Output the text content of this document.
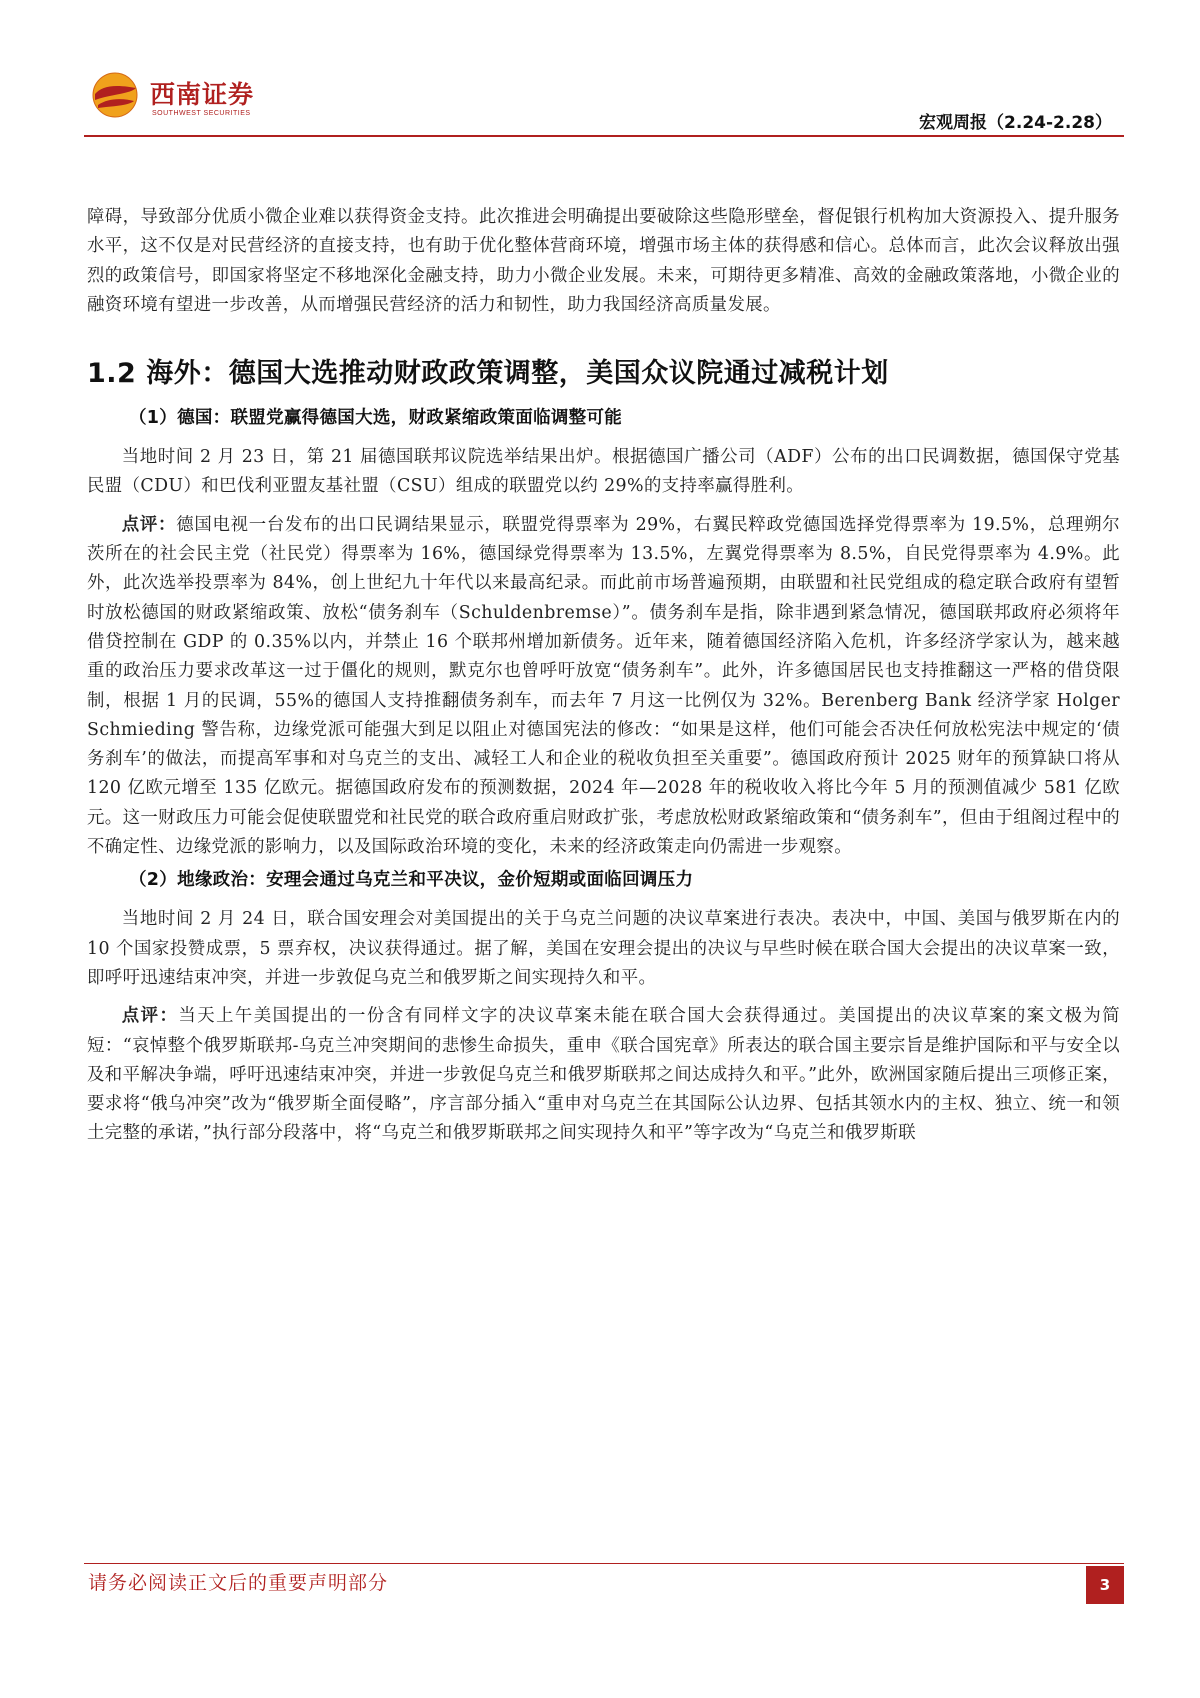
西南证券
SOUTHWEST SECURITIES	宏观周报（2.24-2.28）

障碍，导致部分优质小微企业难以获得资金支持。此次推进会明确提出要破除这些隐形壁垒，督促银行机构加大资源投入、提升服务水平，这不仅是对民营经济的直接支持，也有助于优化整体营商环境，增强市场主体的获得感和信心。总体而言，此次会议释放出强烈的政策信号，即国家将坚定不移地深化金融支持，助力小微企业发展。未来，可期待更多精准、高效的金融政策落地，小微企业的融资环境有望进一步改善，从而增强民营经济的活力和韧性，助力我国经济高质量发展。

1.2 海外：德国大选推动财政政策调整，美国众议院通过减税计划
（1）德国：联盟党赢得德国大选，财政紧缩政策面临调整可能

当地时间 2 月 23 日，第 21 届德国联邦议院选举结果出炉。根据德国广播公司（ADF）公布的出口民调数据，德国保守党基民盟（CDU）和巴伐利亚盟友基社盟（CSU）组成的联盟党以约 29%的支持率赢得胜利。

点评：德国电视一台发布的出口民调结果显示，联盟党得票率为 29%，右翼民粹政党德国选择党得票率为 19.5%，总理朔尔茨所在的社会民主党（社民党）得票率为 16%，德国绿党得票率为 13.5%，左翼党得票率为 8.5%，自民党得票率为 4.9%。此外，此次选举投票率为 84%，创上世纪九十年代以来最高纪录。而此前市场普遍预期，由联盟和社民党组成的稳定联合政府有望暂时放松德国的财政紧缩政策、放松“债务刹车（Schuldenbremse）”。债务刹车是指，除非遇到紧急情况，德国联邦政府必须将年借贷控制在 GDP 的 0.35%以内，并禁止 16 个联邦州增加新债务。近年来，随着德国经济陷入危机，许多经济学家认为，越来越重的政治压力要求改革这一过于僵化的规则，默克尔也曾呼吁放宽“债务刹车”。此外，许多德国居民也支持推翻这一严格的借贷限制，根据 1 月的民调，55%的德国人支持推翻债务刹车，而去年 7 月这一比例仅为 32%。Berenberg Bank 经济学家 Holger Schmieding 警告称，边缘党派可能强大到足以阻止对德国宪法的修改：“如果是这样，他们可能会否决任何放松宪法中规定的‘债务刹车’的做法，而提高军事和对乌克兰的支出、减轻工人和企业的税收负担至关重要”。德国政府预计 2025 财年的预算缺口将从 120 亿欧元增至 135 亿欧元。据德国政府发布的预测数据，2024 年—2028 年的税收收入将比今年 5 月的预测值减少 581 亿欧元。这一财政压力可能会促使联盟党和社民党的联合政府重启财政扩张，考虑放松财政紧缩政策和“债务刹车”，但由于组阁过程中的不确定性、边缘党派的影响力，以及国际政治环境的变化，未来的经济政策走向仍需进一步观察。

（2）地缘政治：安理会通过乌克兰和平决议，金价短期或面临回调压力

当地时间 2 月 24 日，联合国安理会对美国提出的关于乌克兰问题的决议草案进行表决。表决中，中国、美国与俄罗斯在内的 10 个国家投赞成票，5 票弃权，决议获得通过。据了解，美国在安理会提出的决议与早些时候在联合国大会提出的决议草案一致，即呼吁迅速结束冲突，并进一步敦促乌克兰和俄罗斯之间实现持久和平。

点评：当天上午美国提出的一份含有同样文字的决议草案未能在联合国大会获得通过。美国提出的决议草案的案文极为简短：“哀悼整个俄罗斯联邦-乌克兰冲突期间的悲惨生命损失，重申《联合国宪章》所表达的联合国主要宗旨是维护国际和平与安全以及和平解决争端，呼吁迅速结束冲突，并进一步敦促乌克兰和俄罗斯联邦之间达成持久和平。”此外，欧洲国家随后提出三项修正案，要求将“俄乌冲突”改为“俄罗斯全面侵略”，序言部分插入“重申对乌克兰在其国际公认边界、包括其领水内的主权、独立、统一和领土完整的承诺，”执行部分段落中，将“乌克兰和俄罗斯联邦之间实现持久和平”等字改为“乌克兰和俄罗斯联

请务必阅读正文后的重要声明部分	3
